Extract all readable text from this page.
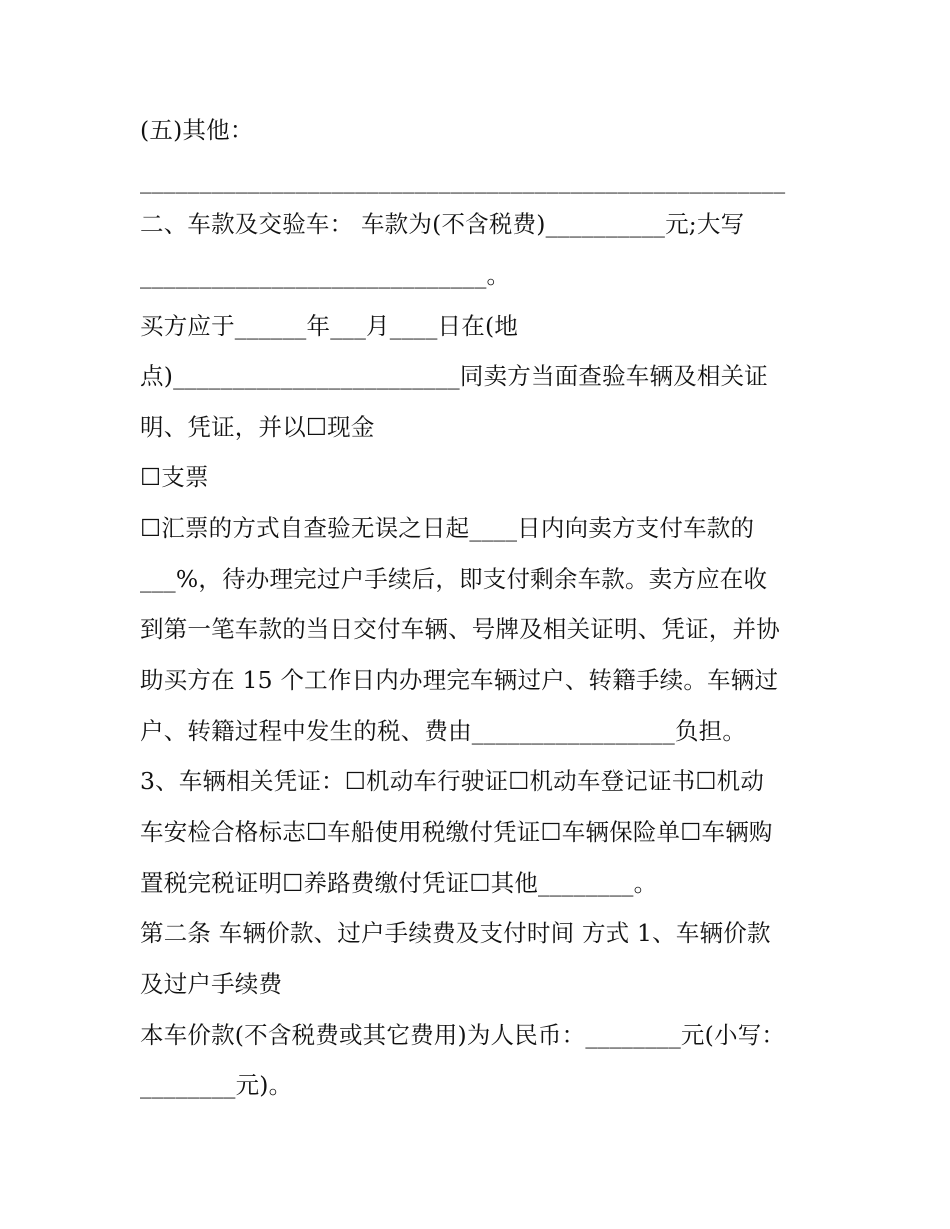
(五)其他：
______________________________________________________
二、车款及交验车： 车款为(不含税费)__________元;大写
_____________________________。
买方应于______年___月____日在(地
点)________________________同卖方当面查验车辆及相关证
明、凭证，并以☐现金
☐支票
☐汇票的方式自查验无误之日起____日内向卖方支付车款的
___%，待办理完过户手续后，即支付剩余车款。卖方应在收
到第一笔车款的当日交付车辆、号牌及相关证明、凭证，并协
助买方在 15 个工作日内办理完车辆过户、转籍手续。车辆过
户、转籍过程中发生的税、费由_________________负担。
3、车辆相关凭证：☐机动车行驶证☐机动车登记证书☐机动
车安检合格标志☐车船使用税缴付凭证☐车辆保险单☐车辆购
置税完税证明☐养路费缴付凭证☐其他________。
第二条 车辆价款、过户手续费及支付时间 方式 1、车辆价款
及过户手续费
本车价款(不含税费或其它费用)为人民币：________元(小写：
________元)。
